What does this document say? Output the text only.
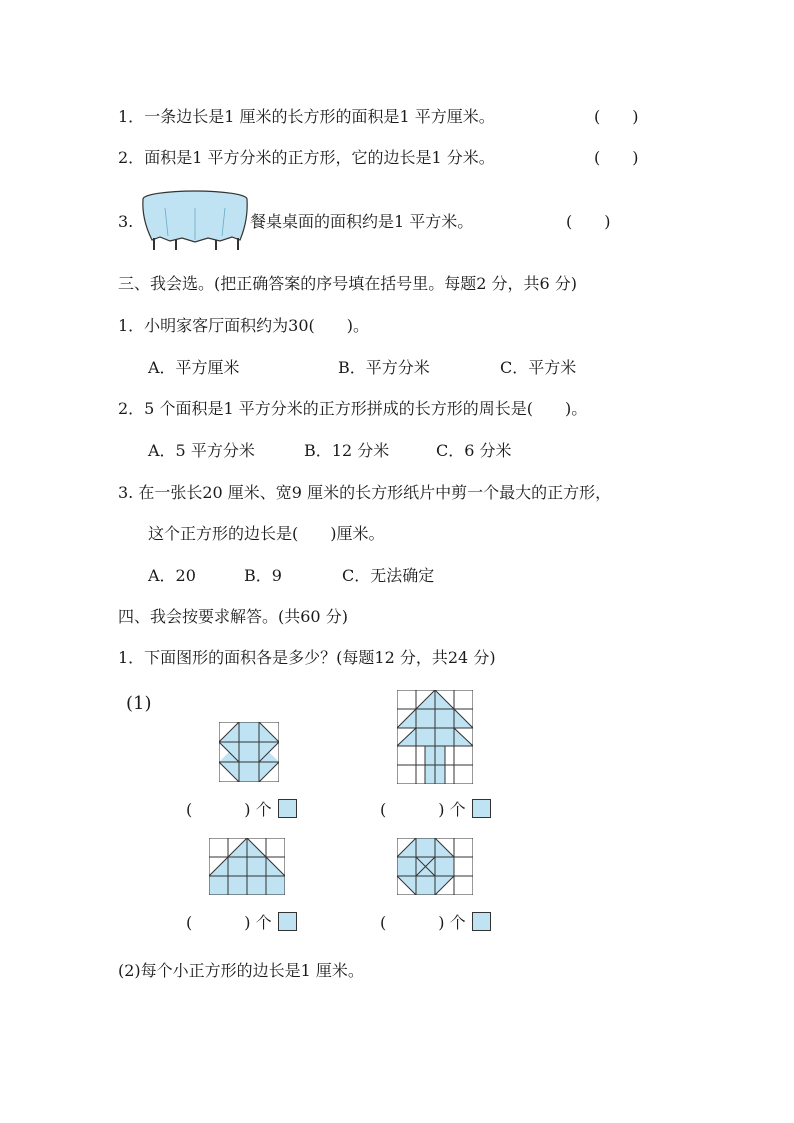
1．一条边长是1 厘米的长方形的面积是1 平方厘米。	(　　)
2．面积是1 平方分米的正方形，它的边长是1 分米。	(　　)
3.	餐桌桌面的面积约是1 平方米。	(　　)
三、我会选。(把正确答案的序号填在括号里。每题2 分，共6 分)
1．小明家客厅面积约为30(　　)。
A．平方厘米	B．平方分米	C．平方米
2．5 个面积是1 平方分米的正方形拼成的长方形的周长是(　　)。
A．5 平方分米	B．12 分米	C．6 分米
3. 在一张长20 厘米、宽9 厘米的长方形纸片中剪一个最大的正方形，
这个正方形的边长是(　　)厘米。
A．20	B．9	C．无法确定
四、我会按要求解答。(共60 分)
1．下面图形的面积各是多少？(每题12 分，共24 分)
(1)
(	) 个	(	) 个
(	) 个	(	) 个
(2)每个小正方形的边长是1 厘米。
